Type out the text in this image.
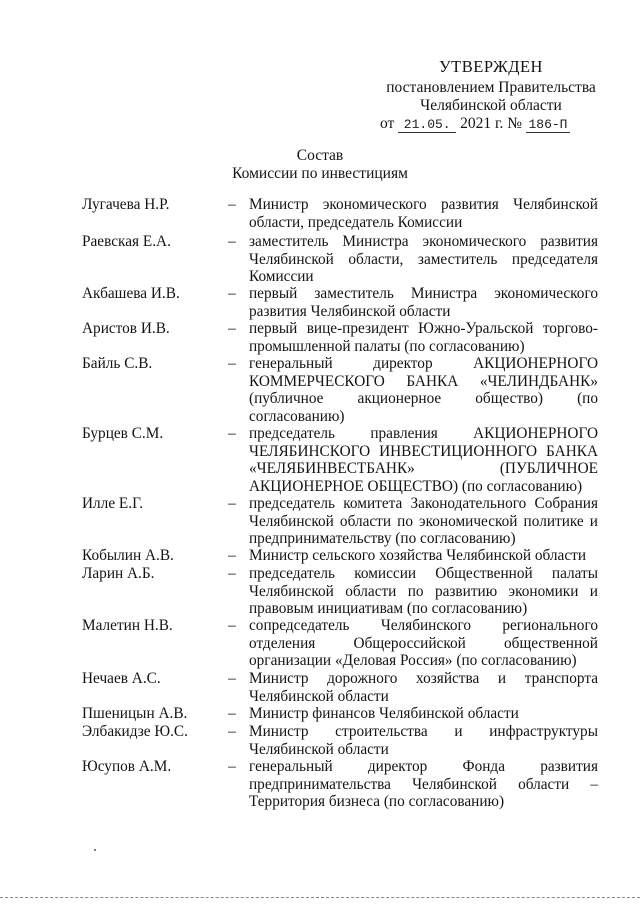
УТВЕРЖДЕН
постановлением Правительства
Челябинской области
от 21.05. 2021 г. № 186-П
Состав
Комиссии по инвестициям
Лугачева Н.Р.	– Министр экономического развития Челябинской области, председатель Комиссии
Раевская Е.А.	– заместитель Министра экономического развития Челябинской области, заместитель председателя Комиссии
Акбашева И.В.	– первый заместитель Министра экономического развития Челябинской области
Аристов И.В.	– первый вице-президент Южно-Уральской торгово-промышленной палаты (по согласованию)
Байль С.В.	– генеральный директор АКЦИОНЕРНОГО КОММЕРЧЕСКОГО БАНКА «ЧЕЛИНДБАНК» (публичное акционерное общество) (по согласованию)
Бурцев С.М.	– председатель правления АКЦИОНЕРНОГО ЧЕЛЯБИНСКОГО ИНВЕСТИЦИОННОГО БАНКА «ЧЕЛЯБИНВЕСТБАНК» (ПУБЛИЧНОЕ АКЦИОНЕРНОЕ ОБЩЕСТВО) (по согласованию)
Илле Е.Г.	– председатель комитета Законодательного Собрания Челябинской области по экономической политике и предпринимательству (по согласованию)
Кобылин А.В.	– Министр сельского хозяйства Челябинской области
Ларин А.Б.	– председатель комиссии Общественной палаты Челябинской области по развитию экономики и правовым инициативам (по согласованию)
Малетин Н.В.	– сопредседатель Челябинского регионального отделения Общероссийской общественной организации «Деловая Россия» (по согласованию)
Нечаев А.С.	– Министр дорожного хозяйства и транспорта Челябинской области
Пшеницын А.В.	– Министр финансов Челябинской области
Элбакидзе Ю.С.	– Министр строительства и инфраструктуры Челябинской области
Юсупов А.М.	– генеральный директор Фонда развития предпринимательства Челябинской области – Территория бизнеса (по согласованию)
